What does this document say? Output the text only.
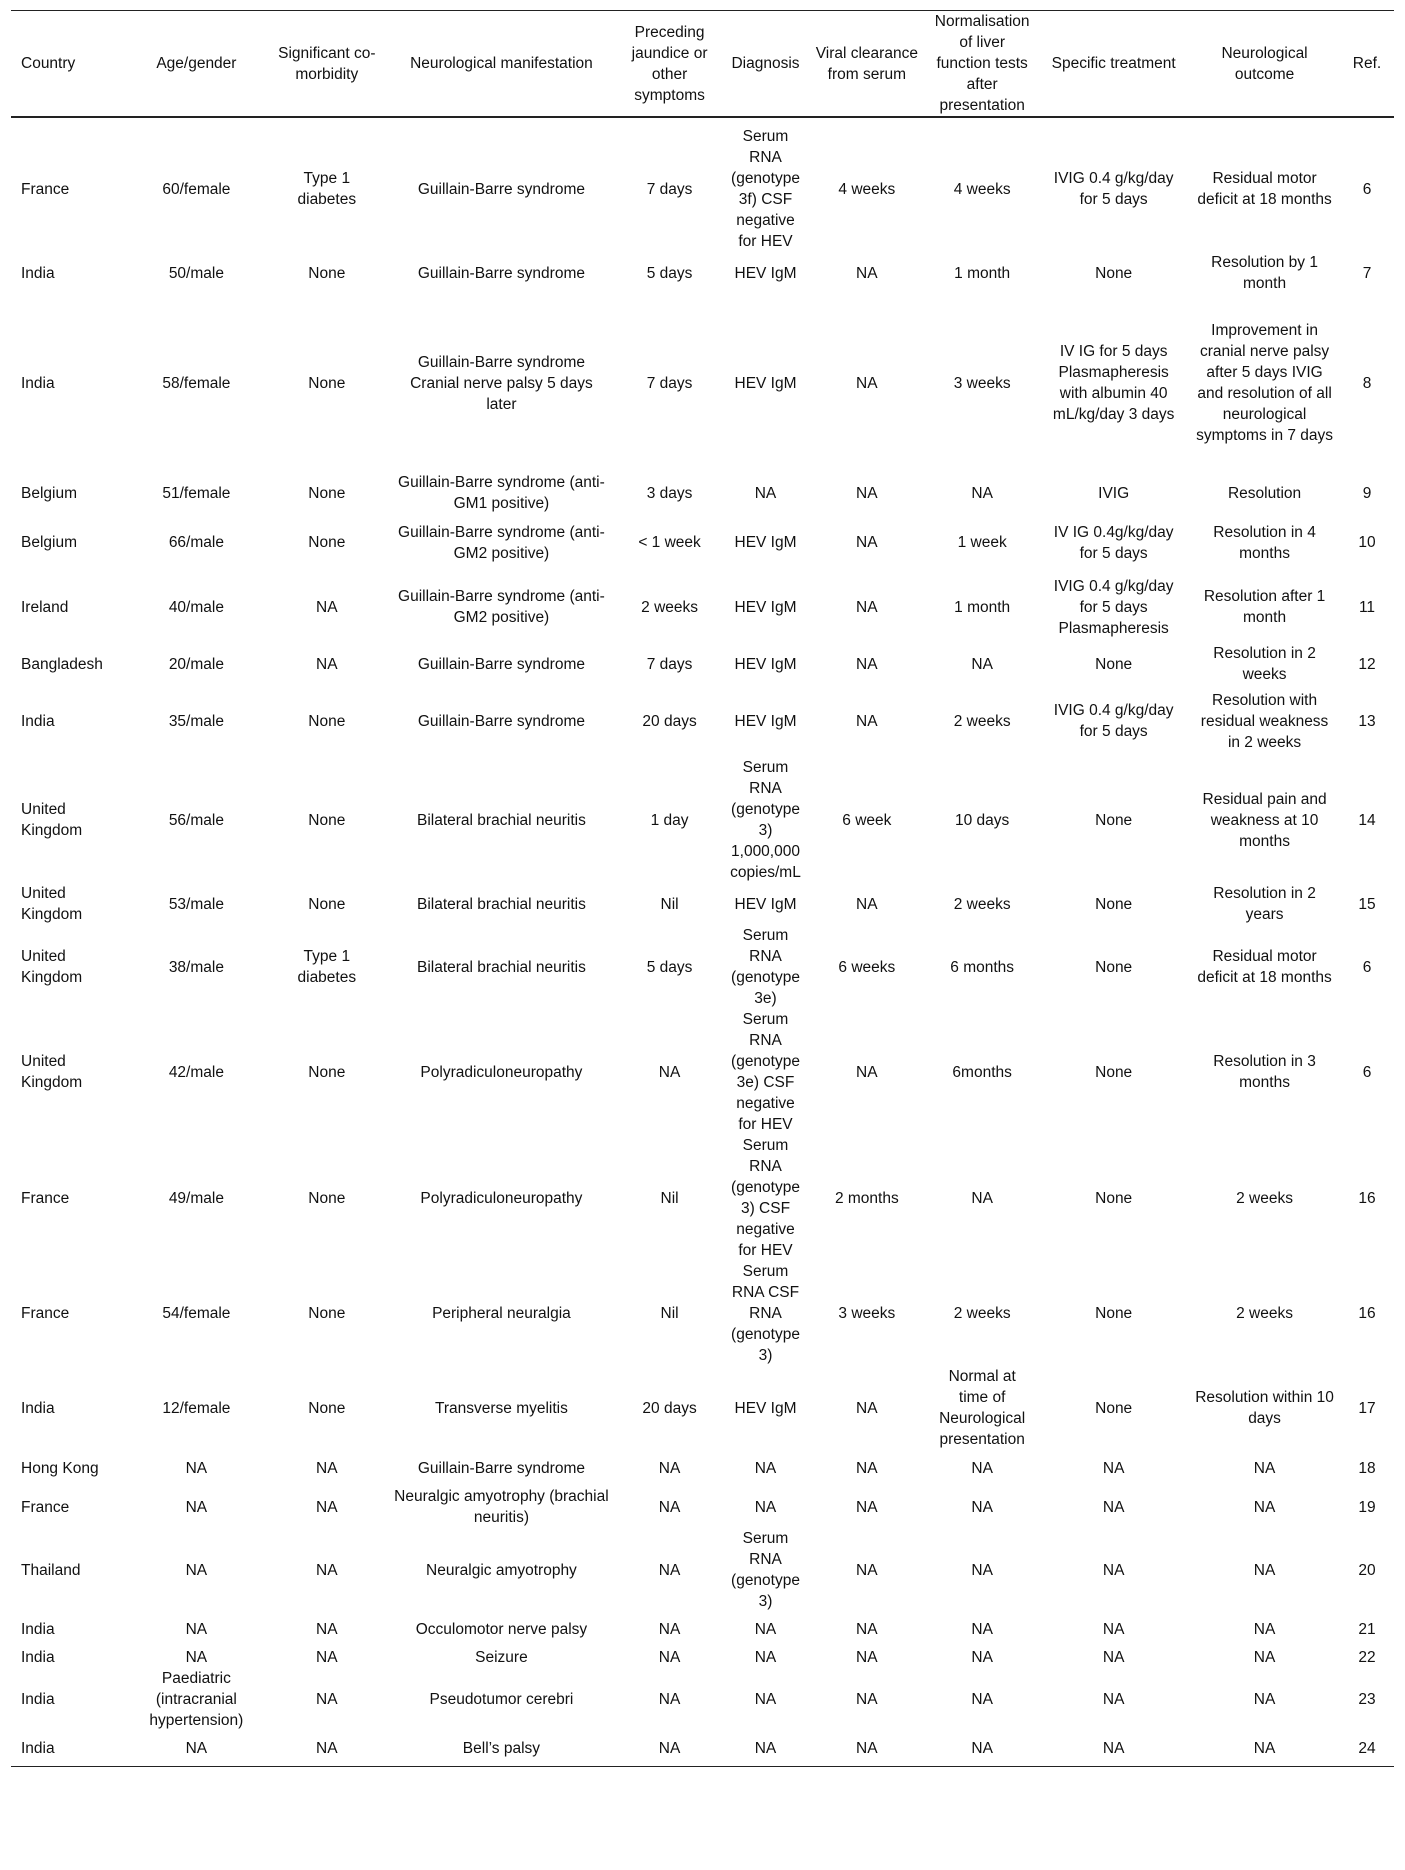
Country	Age/gender	Significant co-morbidity	Neurological manifestation	Preceding jaundice or other symptoms	Diagnosis	Viral clearance from serum	Normalisation of liver function tests after presentation	Specific treatment	Neurological outcome	Ref.
France	60/female	Type 1 diabetes	Guillain-Barre syndrome	7 days	Serum RNA (genotype 3f) CSF negative for HEV	4 weeks	4 weeks	IVIG 0.4 g/kg/day for 5 days	Residual motor deficit at 18 months	6
India	50/male	None	Guillain-Barre syndrome	5 days	HEV IgM	NA	1 month	None	Resolution by 1 month	7
India	58/female	None	Guillain-Barre syndrome Cranial nerve palsy 5 days later	7 days	HEV IgM	NA	3 weeks	IV IG for 5 days Plasmapheresis with albumin 40 mL/kg/day 3 days	Improvement in cranial nerve palsy after 5 days IVIG and resolution of all neurological symptoms in 7 days	8
Belgium	51/female	None	Guillain-Barre syndrome (anti-GM1 positive)	3 days	NA	NA	NA	IVIG	Resolution	9
Belgium	66/male	None	Guillain-Barre syndrome (anti-GM2 positive)	< 1 week	HEV IgM	NA	1 week	IV IG 0.4g/kg/day for 5 days	Resolution in 4 months	10
Ireland	40/male	NA	Guillain-Barre syndrome (anti-GM2 positive)	2 weeks	HEV IgM	NA	1 month	IVIG 0.4 g/kg/day for 5 days Plasmapheresis	Resolution after 1 month	11
Bangladesh	20/male	NA	Guillain-Barre syndrome	7 days	HEV IgM	NA	NA	None	Resolution in 2 weeks	12
India	35/male	None	Guillain-Barre syndrome	20 days	HEV IgM	NA	2 weeks	IVIG 0.4 g/kg/day for 5 days	Resolution with residual weakness in 2 weeks	13
United Kingdom	56/male	None	Bilateral brachial neuritis	1 day	Serum RNA (genotype 3) 1,000,000 copies/mL	6 week	10 days	None	Residual pain and weakness at 10 months	14
United Kingdom	53/male	None	Bilateral brachial neuritis	Nil	HEV IgM	NA	2 weeks	None	Resolution in 2 years	15
United Kingdom	38/male	Type 1 diabetes	Bilateral brachial neuritis	5 days	Serum RNA (genotype 3e)	6 weeks	6 months	None	Residual motor deficit at 18 months	6
United Kingdom	42/male	None	Polyradiculoneuropathy	NA	Serum RNA (genotype 3e) CSF negative for HEV	NA	6months	None	Resolution in 3 months	6
France	49/male	None	Polyradiculoneuropathy	Nil	Serum RNA (genotype 3) CSF negative for HEV	2 months	NA	None	2 weeks	16
France	54/female	None	Peripheral neuralgia	Nil	Serum RNA CSF RNA (genotype 3)	3 weeks	2 weeks	None	2 weeks	16
India	12/female	None	Transverse myelitis	20 days	HEV IgM	NA	Normal at time of Neurological presentation	None	Resolution within 10 days	17
Hong Kong	NA	NA	Guillain-Barre syndrome	NA	NA	NA	NA	NA	NA	18
France	NA	NA	Neuralgic amyotrophy (brachial neuritis)	NA	NA	NA	NA	NA	NA	19
Thailand	NA	NA	Neuralgic amyotrophy	NA	Serum RNA (genotype 3)	NA	NA	NA	NA	20
India	NA	NA	Occulomotor nerve palsy	NA	NA	NA	NA	NA	NA	21
India	NA	NA	Seizure	NA	NA	NA	NA	NA	NA	22
India	Paediatric (intracranial hypertension)	NA	Pseudotumor cerebri	NA	NA	NA	NA	NA	NA	23
India	NA	NA	Bell’s palsy	NA	NA	NA	NA	NA	NA	24
